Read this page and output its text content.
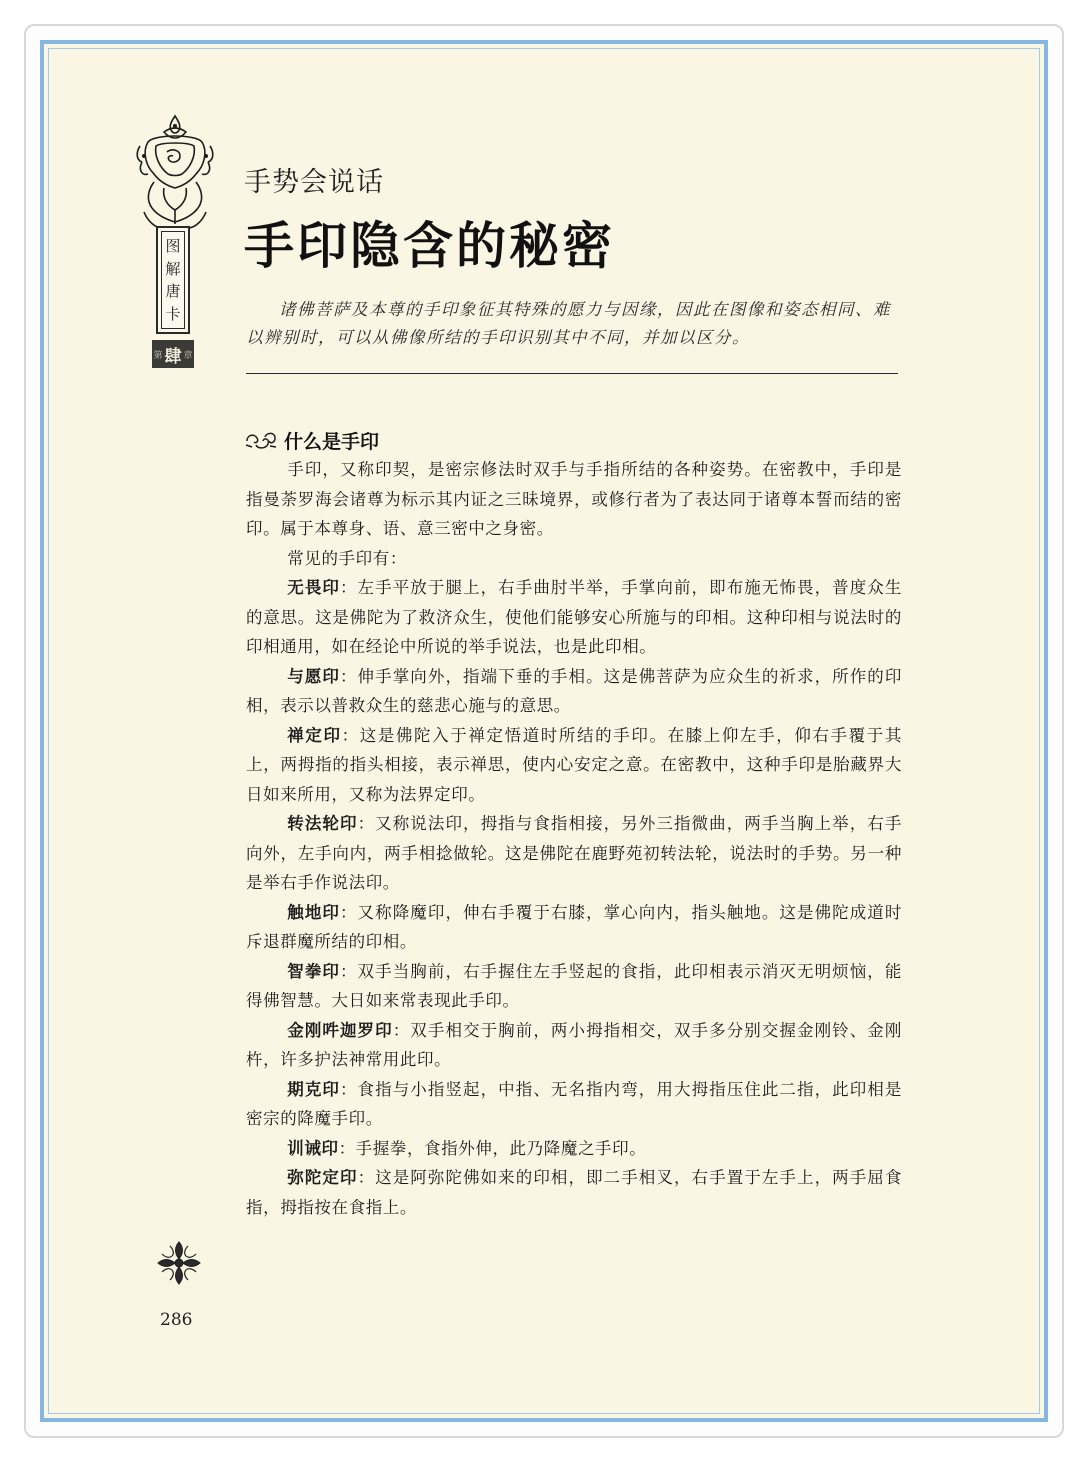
图
解
唐
卡
第 肆 章
手势会说话
手印隐含的秘密

诸佛菩萨及本尊的手印象征其特殊的愿力与因缘，因此在图像和姿态相同、难以辨别时，可以从佛像所结的手印识别其中不同，并加以区分。

什么是手印

手印，又称印契，是密宗修法时双手与手指所结的各种姿势。在密教中，手印是指曼荼罗海会诸尊为标示其内证之三昧境界，或修行者为了表达同于诸尊本誓而结的密印。属于本尊身、语、意三密中之身密。

常见的手印有：

无畏印：左手平放于腿上，右手曲肘半举，手掌向前，即布施无怖畏，普度众生的意思。这是佛陀为了救济众生，使他们能够安心所施与的印相。这种印相与说法时的印相通用，如在经论中所说的举手说法，也是此印相。

与愿印：伸手掌向外，指端下垂的手相。这是佛菩萨为应众生的祈求，所作的印相，表示以普救众生的慈悲心施与的意思。

禅定印：这是佛陀入于禅定悟道时所结的手印。在膝上仰左手，仰右手覆于其上，两拇指的指头相接，表示禅思，使内心安定之意。在密教中，这种手印是胎藏界大日如来所用，又称为法界定印。

转法轮印：又称说法印，拇指与食指相接，另外三指微曲，两手当胸上举，右手向外，左手向内，两手相捻做轮。这是佛陀在鹿野苑初转法轮，说法时的手势。另一种是举右手作说法印。

触地印：又称降魔印，伸右手覆于右膝，掌心向内，指头触地。这是佛陀成道时斥退群魔所结的印相。

智拳印：双手当胸前，右手握住左手竖起的食指，此印相表示消灭无明烦恼，能得佛智慧。大日如来常表现此手印。

金刚吽迦罗印：双手相交于胸前，两小拇指相交，双手多分别交握金刚铃、金刚杵，许多护法神常用此印。

期克印：食指与小指竖起，中指、无名指内弯，用大拇指压住此二指，此印相是密宗的降魔手印。

训诫印：手握拳，食指外伸，此乃降魔之手印。

弥陀定印：这是阿弥陀佛如来的印相，即二手相叉，右手置于左手上，两手屈食指，拇指按在食指上。

286
